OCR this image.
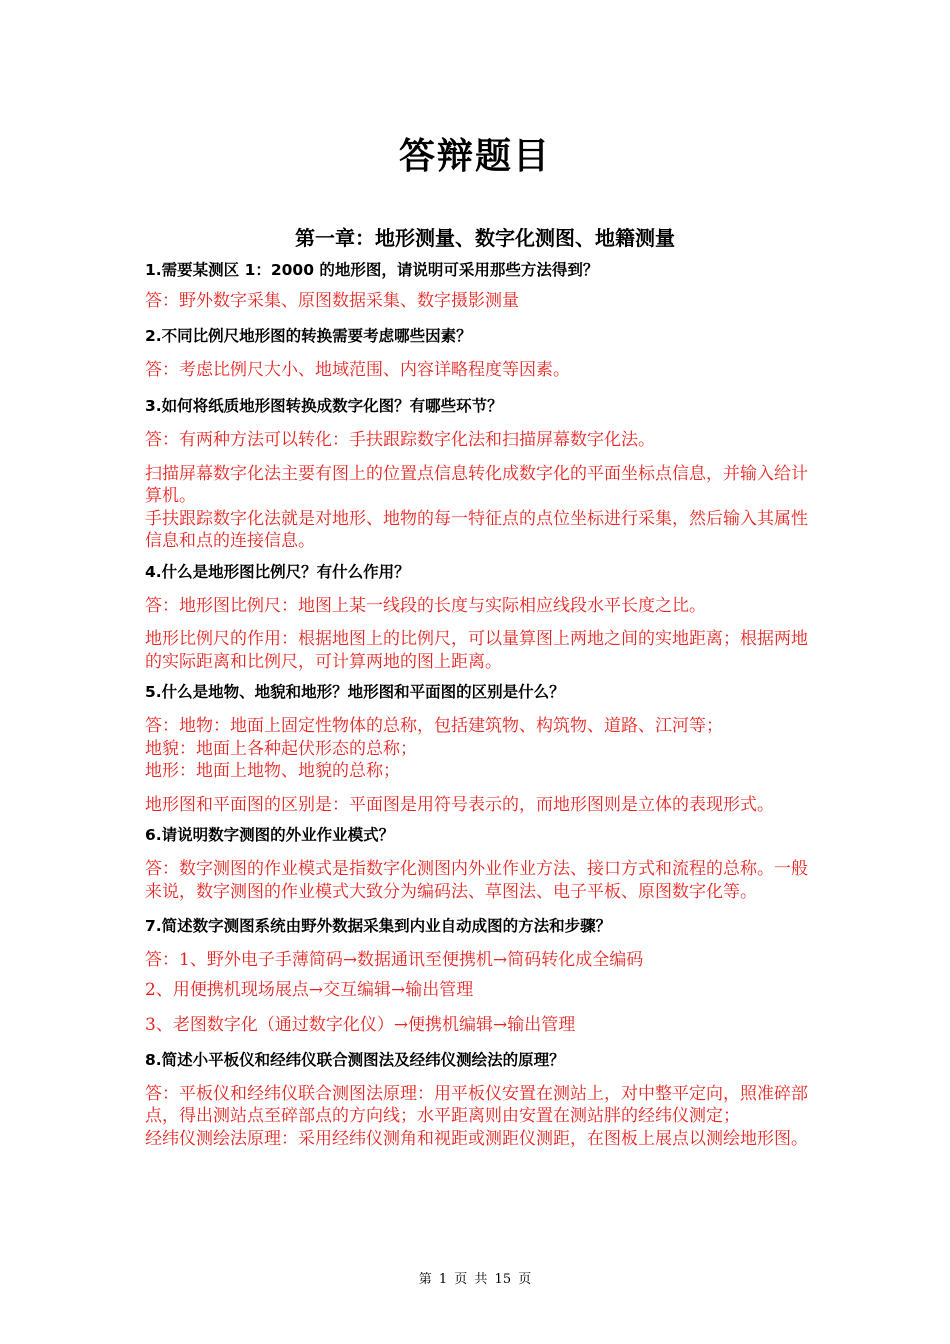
答辩题目
第一章：地形测量、数字化测图、地籍测量

1.需要某测区 1：2000 的地形图，请说明可采用那些方法得到？

答：野外数字采集、原图数据采集、数字摄影测量

2.不同比例尺地形图的转换需要考虑哪些因素？

答：考虑比例尺大小、地域范围、内容详略程度等因素。

3.如何将纸质地形图转换成数字化图？有哪些环节？

答：有两种方法可以转化：手扶跟踪数字化法和扫描屏幕数字化法。

扫描屏幕数字化法主要有图上的位置点信息转化成数字化的平面坐标点信息，并输入给计算机。

手扶跟踪数字化法就是对地形、地物的每一特征点的点位坐标进行采集，然后输入其属性信息和点的连接信息。

4.什么是地形图比例尺？有什么作用？

答：地形图比例尺：地图上某一线段的长度与实际相应线段水平长度之比。

地形比例尺的作用：根据地图上的比例尺，可以量算图上两地之间的实地距离；根据两地的实际距离和比例尺，可计算两地的图上距离。

5.什么是地物、地貌和地形？地形图和平面图的区别是什么？

答：地物：地面上固定性物体的总称，包括建筑物、构筑物、道路、江河等；

地貌：地面上各种起伏形态的总称；

地形：地面上地物、地貌的总称；

地形图和平面图的区别是：平面图是用符号表示的，而地形图则是立体的表现形式。

6.请说明数字测图的外业作业模式？

答：数字测图的作业模式是指数字化测图内外业作业方法、接口方式和流程的总称。一般来说，数字测图的作业模式大致分为编码法、草图法、电子平板、原图数字化等。

7.简述数字测图系统由野外数据采集到内业自动成图的方法和步骤？

答：1、野外电子手薄简码→数据通讯至便携机→简码转化成全编码

2、用便携机现场展点→交互编辑→输出管理

3、老图数字化（通过数字化仪）→便携机编辑→输出管理

8.简述小平板仪和经纬仪联合测图法及经纬仪测绘法的原理？

答：平板仪和经纬仪联合测图法原理：用平板仪安置在测站上，对中整平定向，照准碎部点，得出测站点至碎部点的方向线；水平距离则由安置在测站胖的经纬仪测定；

经纬仪测绘法原理：采用经纬仪测角和视距或测距仪测距，在图板上展点以测绘地形图。

第 1 页 共 15 页
